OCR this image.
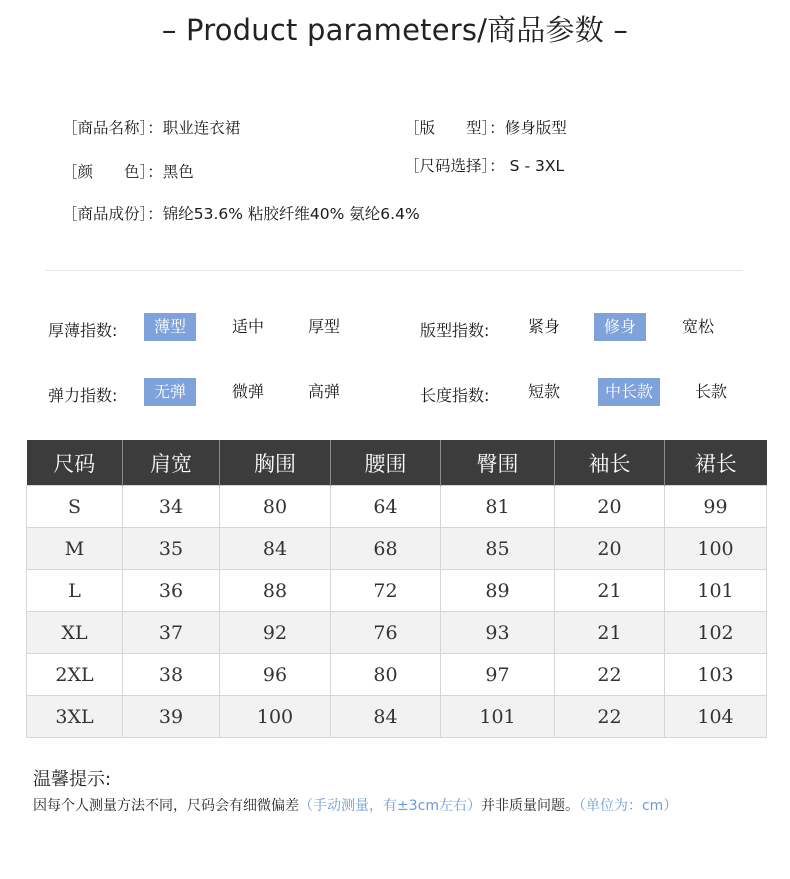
– Product parameters/商品参数 –
［商品名称］：职业连衣裙	［版　　型］：修身版型
［颜　　色］：黑色	［尺码选择］： S - 3XL
［商品成份］：锦纶53.6% 粘胶纤维40% 氨纶6.4%
厚薄指数:	薄型	适中	厚型	版型指数:	紧身	修身	宽松
弹力指数:	无弹	微弹	高弹	长度指数:	短款	中长款	长款
尺码	肩宽	胸围	腰围	臀围	袖长	裙长
S	34	80	64	81	20	99
M	35	84	68	85	20	100
L	36	88	72	89	21	101
XL	37	92	76	93	21	102
2XL	38	96	80	97	22	103
3XL	39	100	84	101	22	104
温馨提示:
因每个人测量方法不同，尺码会有细微偏差（手动测量，有±3cm左右）并非质量问题。（单位为：cm）
